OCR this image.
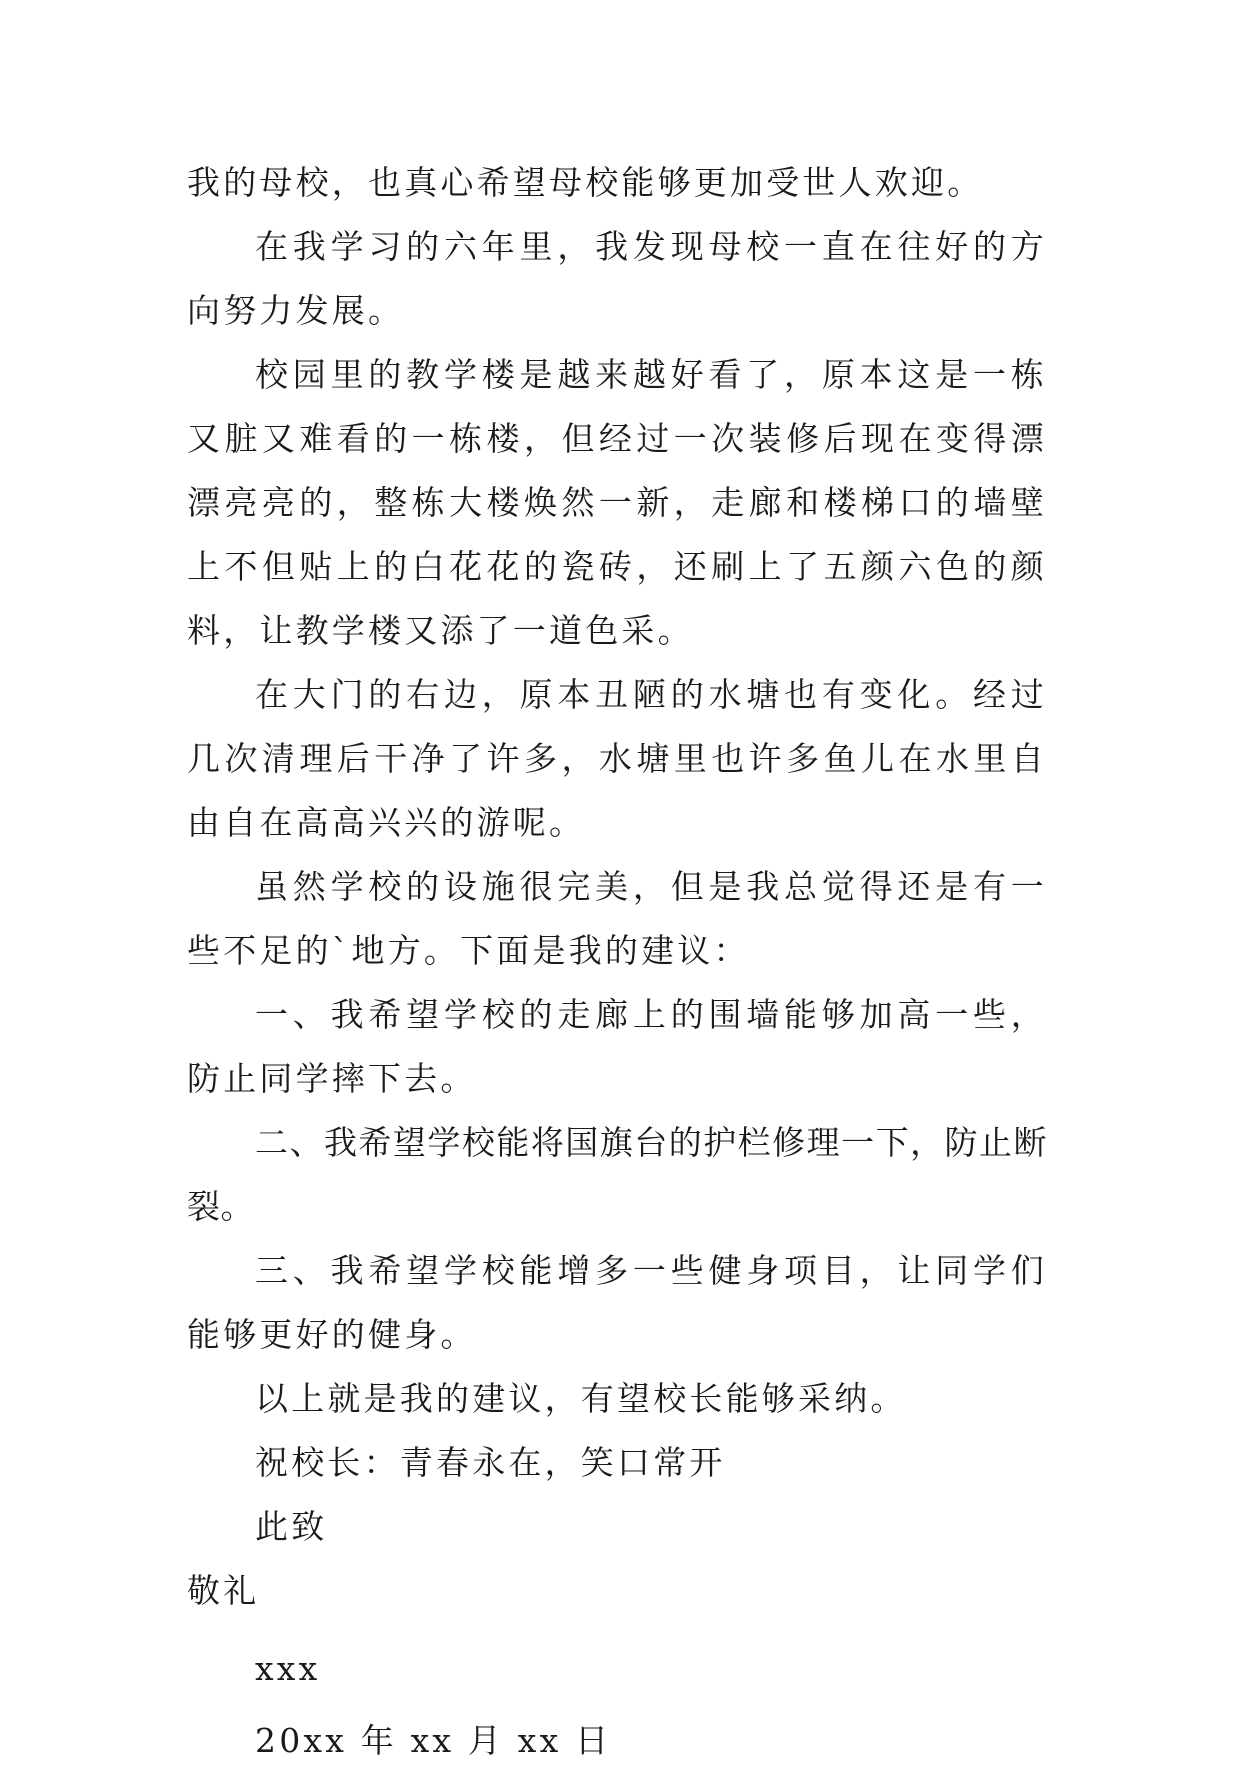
我的母校，也真心希望母校能够更加受世人欢迎。

在我学习的六年里，我发现母校一直在往好的方向努力发展。

校园里的教学楼是越来越好看了，原本这是一栋又脏又难看的一栋楼，但经过一次装修后现在变得漂漂亮亮的，整栋大楼焕然一新，走廊和楼梯口的墙壁上不但贴上的白花花的瓷砖，还刷上了五颜六色的颜料，让教学楼又添了一道色采。

在大门的右边，原本丑陋的水塘也有变化。经过几次清理后干净了许多，水塘里也许多鱼儿在水里自由自在高高兴兴的游呢。

虽然学校的设施很完美，但是我总觉得还是有一些不足的`地方。下面是我的建议：

一、我希望学校的走廊上的围墙能够加高一些，防止同学摔下去。

二、我希望学校能将国旗台的护栏修理一下，防止断裂。

三、我希望学校能增多一些健身项目，让同学们能够更好的健身。

以上就是我的建议，有望校长能够采纳。

祝校长：青春永在，笑口常开

此致

敬礼

xxx

20xx 年 xx 月 xx 日
